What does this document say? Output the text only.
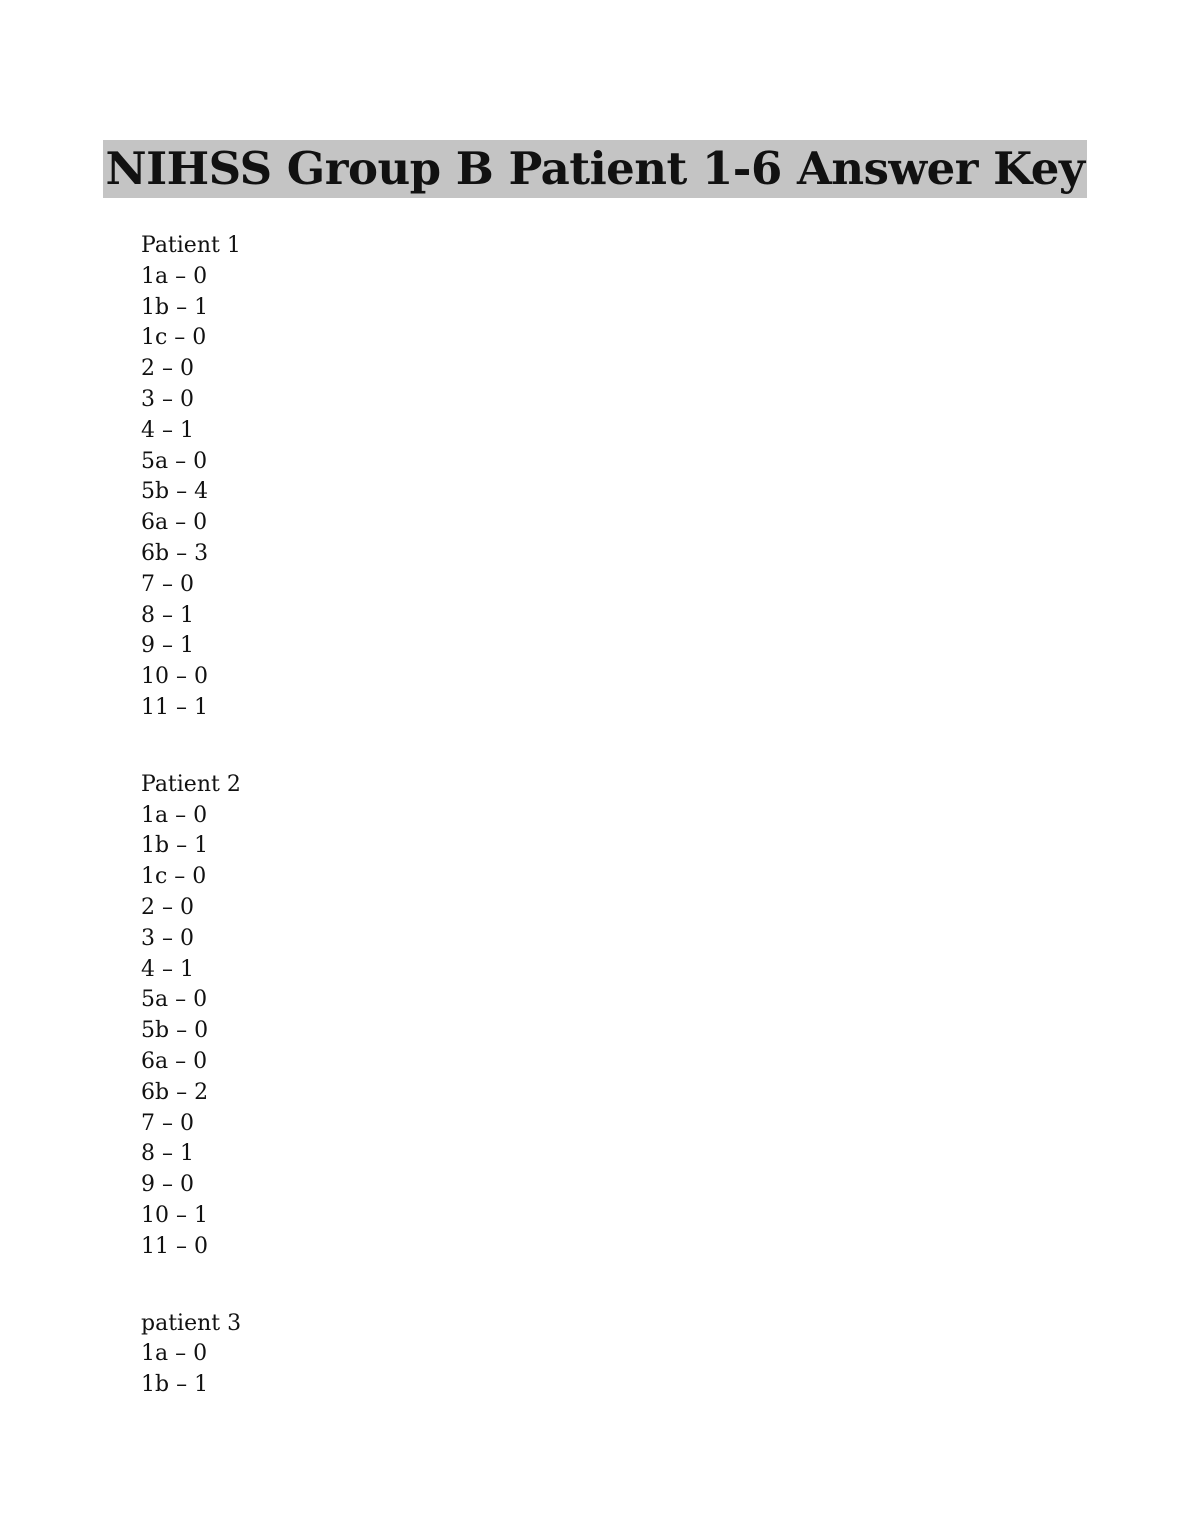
NIHSS Group B Patient 1-6 Answer Key
Patient 1
1a – 0
1b – 1
1c – 0
2 – 0
3 – 0
4 – 1
5a – 0
5b – 4
6a – 0
6b – 3
7 – 0
8 – 1
9 – 1
10 – 0
11 – 1
Patient 2
1a – 0
1b – 1
1c – 0
2 – 0
3 – 0
4 – 1
5a – 0
5b – 0
6a – 0
6b – 2
7 – 0
8 – 1
9 – 0
10 – 1
11 – 0
patient 3
1a – 0
1b – 1
